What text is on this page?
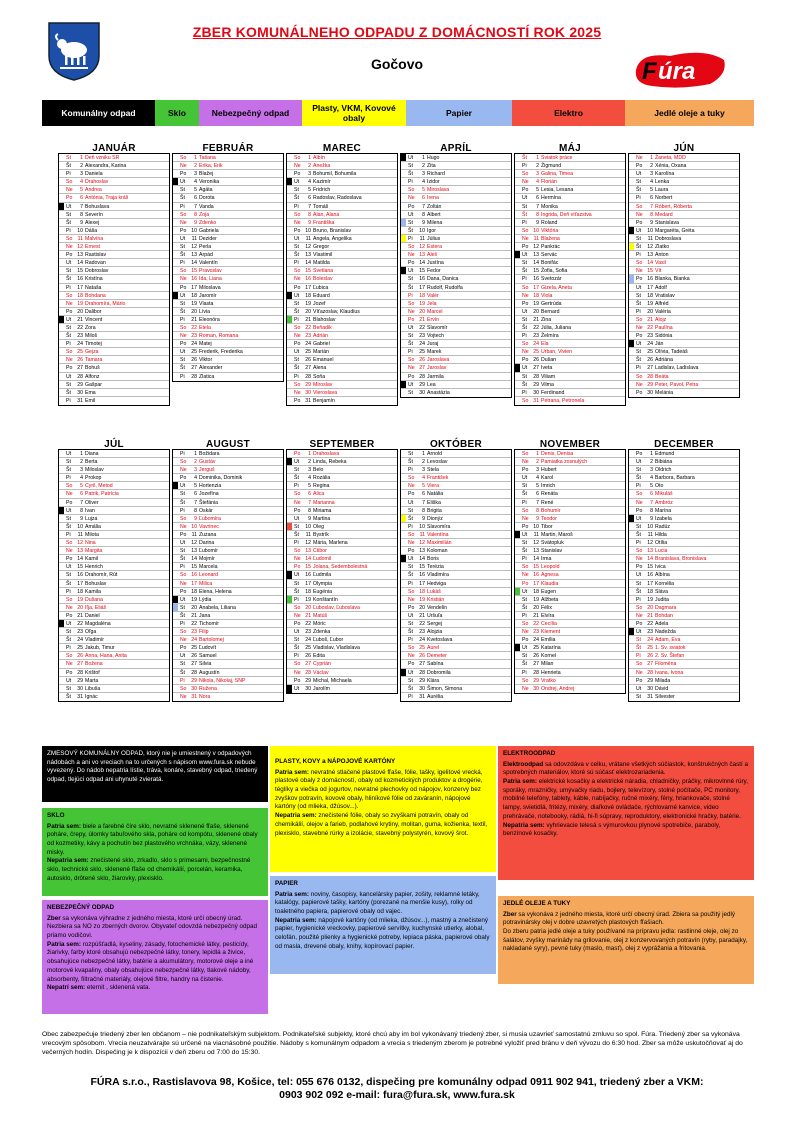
ZBER KOMUNÁLNEHO ODPADU Z DOMÁCNOSTÍ ROK 2025
Gočovo	F úra
Komunálny odpad	Sklo	Nebezpečný odpad
Plasty, VKM, Kovové obaly
Papier	Elektro	Jedlé oleje a tuky
JANUÁR
St	1 Deň vzniku SR
Št	2 Alexandra, Karina
Pi	3 Daniela
So	4 Drahoslav
Ne	5 Andrea
Po	6 Antónia, Traja králi
Ut	7 Bohuslava
St	8 Severín
Št	9 Alexej
Pi	10 Dáša
So	11 Malvína
Ne 12 Ernest
Po 13 Rastislav
Ut	14 Radovan
St	15 Dobroslav
Št	16 Kristína
Pi	17 Nataša
So 18 Bohdana
Ne 19 Drahomíra, Mário
Po 20 Dalibor
Ut	21 Vincent
St	22 Zora
Št	23 Miloš
Pi	24 Timotej
So 25 Gejza
Ne 26 Tamara
Po 27 Bohuš
Ut	28 Alfonz
St	29 Gašpar
Št	30 Ema
Pi	31 Emil
FEBRUÁR
So	1 Tatiana
Ne	2 Erika, Erik
Po	3 Blažej
Ut	4 Veronika
St	5 Agáta
Št	6 Dorota
Pi	7 Vanda
So	8 Zoja
Ne	9 Zdenko
Po 10 Gabriela
Ut	11 Dezider
St	12 Perla
Št	13 Arpád
Pi	14 Valentín
So 15 Pravoslav
Ne 16 Ida, Liana
Po 17 Miloslava
Ut	18 Jaromír
St	19 Vlasta
Št	20 Lívia
Pi	21 Eleonóra
So 22 Etela
Ne 23 Roman, Romana
Po 24 Matej
Ut	25 Frederik, Frederika
St	26 Viktor
Št	27 Alexander
Pi	28 Zlatica
MAREC
So	1 Albín
Ne	2 Anežka
Po	3 Bohumil, Bohumila
Ut	4 Kazimír
St	5 Fridrich
Št	6 Radoslav, Radoslava
Pi	7 Tomáš
So	8 Alan, Alana
Ne	9 Františka
Po 10 Bruno, Branislav
Ut	11 Angela, Angelika
St	12 Gregor
Št	13 Vlastimil
Pi	14 Matilda
So 15 Svetlana
Ne 16 Boleslav
Po 17 Ľubica
Ut	18 Eduard
St	19 Jozef
Št	20 Víťazoslav, Klaudius
Pi	21 Blahoslav
So 22 Beňadik
Ne 23 Adrián
Po 24 Gabriel
Ut	25 Marián
St	26 Emanuel
Št	27 Alena
Pi	28 Soňa
So 29 Miroslav
Ne 30 Vieroslava
Po 31 Benjamín
APRÍL
Ut	1 Hugo
St	2 Zita
Št	3 Richard
Pi	4 Izidor
So	5 Miroslava
Ne	6 Irena
Po	7 Zoltán
Ut	8 Albert
St	9 Milena
Št	10 Igor
Pi	11 Július
So 12 Estera
Ne 13 Aleš
Po 14 Justína
Ut	15 Fedor
St	16 Dana, Danica
Št	17 Rudolf, Rudolfa
Pi	18 Valér
So 19 Jela
Ne 20 Marcel
Po 21 Ervín
Ut	22 Slavomír
St	23 Vojtech
Št	24 Juraj
Pi	25 Marek
So 26 Jaroslava
Ne 27 Jaroslav
Po 28 Jarmila
Ut	29 Lea
St	30 Anastázia
MÁJ
Št	1 Sviatok práce
Pi	2 Žigmund
So	3 Galina, Timea
Ne	4 Florián
Po	5 Lesia, Lesana
Ut	6 Hermína
St	7 Monika
Št	8 Ingrida, Deň víťazstva
Pi	9 Roland
So 10 Viktória
Ne 11 Blažena
Po 12 Pankrác
Ut	13 Servác
St	14 Bonifác
Št	15 Žofia, Sofia
Pi	16 Svetozár
So 17 Gizela, Aneta
Ne 18 Viola
Po 19 Gertrúda
Ut	20 Bernard
St	21 Zina
Št	22 Júlia, Juliana
Pi	23 Želmíra
So 24 Ela
Ne 25 Urban, Vivien
Po 26 Dušan
Ut	27 Iveta
St	28 Viliam
Št	29 Vilma
Pi	30 Ferdinand
So 31 Petrana, Petronela
JÚN
Ne	1 Žaneta, MDD
Po	2 Xénia, Oxana
Ut	3 Karolína
St	4 Lenka
Št	5 Laura
Pi	6 Norbert
So	7 Róbert, Róberta
Ne	8 Medard
Po	9 Stanislava
Ut	10 Margaréta, Gréta
St	11 Dobroslava
Št	12 Zlatko
Pi	13 Anton
So 14 Vasil
Ne 15 Vít
Po 16 Blanka, Bianka
Ut	17 Adolf
St	18 Vratislav
Št	19 Alfréd
Pi	20 Valéria
So 21 Alojz
Ne 22 Paulína
Po 23 Sidónia
Ut	24 Ján
St	25 Olívia, Tadeáš
Št	26 Adriána
Pi	27 Ladislav, Ladislava
So 28 Beáta
Ne 29 Peter, Pavol, Petra
Po 30 Melánia
JÚL
Ut	1 Diana
St	2 Berta
Št	3 Miloslav
Pi	4 Prokop
So	5 Cyril, Metod
Ne	6 Patrik, Patrícia
Po	7 Oliver
Ut	8 Ivan
St	9 Lujza
Št	10 Amália
Pi	11 Milota
So 12 Nina
Ne 13 Margita
Po 14 Kamil
Ut	15 Henrich
St	16 Drahomír, Rút
Št	17 Bohuslav
Pi	18 Kamila
So 19 Dušana
Ne 20 Iľja, Eliáš
Po 21 Daniel
Ut	22 Magdaléna
St	23 Oľga
Št	24 Vladimír
Pi	25 Jakub, Timur
So 26 Anna, Hana, Anita
Ne 27 Božena
Po 28 Krištof
Ut	29 Marta
St	30 Libuša
Št	31 Ignác
AUGUST
Pi	1 Božidara
So	2 Gustáv
Ne	3 Jerguš
Po	4 Dominika, Dominik
Ut	5 Hortenzia
St	6 Jozefína
Št	7 Štefánia
Pi	8 Oskár
So	9 Ľubomíra
Ne 10 Vavrinec
Po	11 Zuzana
Ut	12 Darina
St	13 Ľubomír
Št	14 Mojmír
Pi	15 Marcela
So 16 Leonard
Ne 17 Milica
Po 18 Elena, Helena
Ut	19 Lýdia
St	20 Anabela, Liliana
Št	21 Jana
Pi	22 Tichomír
So 23 Filip
Ne 24 Bartolomej
Po 25 Ľudovít
Ut	26 Samuel
St	27 Silvia
Št	28 Augustín
Pi	29 Nikola, Nikolaj, SNP
So 30 Ružena
Ne 31 Nora
SEPTEMBER
Po	1 Drahoslava
Ut	2 Linda, Rebeka
St	3 Belo
Št	4 Rozália
Pi	5 Regina
So	6 Alica
Ne	7 Marianna
Po	8 Miriama
Ut	9 Martina
St	10 Oleg
Št	11 Bystrík
Pi	12 Mária, Marlena
So 13 Ctibor
Ne 14 Ľudomil
Po 15 Jolana, Sedembolestná
Ut	16 Ľudmila
St	17 Olympia
Št	18 Eugénia
Pi	19 Konštantín
So 20 Ľuboslav, Ľuboslava
Ne 21 Matúš
Po 22 Móric
Ut	23 Zdenka
St	24 Ľuboš, Ľubor
Št	25 Vladislav, Vladislava
Pi	26 Edita
So 27 Cyprián
Ne 28 Václav
Po 29 Michal, Michaela
Ut	30 Jarolím
OKTÓBER
St	1 Arnold
Št	2 Levoslav
Pi	3 Stela
So	4 František
Ne	5 Viera
Po	6 Natália
Ut	7 Eliška
St	8 Brigita
Št	9 Dionýz
Pi	10 Slavomíra
So	11 Valentína
Ne 12 Maximilián
Po 13 Koloman
Ut	14 Boris
St	15 Terézia
Št	16 Vladimíra
Pi	17 Hedviga
So 18 Lukáš
Ne 19 Kristián
Po 20 Vendelín
Ut	21 Uršuľa
St	22 Sergej
Št	23 Alojzia
Pi	24 Kvetoslava
So 25 Aurel
Ne 26 Demeter
Po 27 Sabína
Ut	28 Dobromila
St	29 Klára
Št	30 Šimon, Simona
Pi	31 Aurélia
NOVEMBER
So	1 Denis, Denisa
Ne	2 Pamiatka zosnulých
Po	3 Hubert
Ut	4 Karol
St	5 Imrich
Št	6 Renáta
Pi	7 René
So	8 Bohumír
Ne	9 Teodor
Po 10 Tibor
Ut	11 Martin, Maroš
St	12 Svätopluk
Št	13 Stanislav
Pi	14 Irma
So 15 Leopold
Ne 16 Agnesa
Po 17 Klaudia
Ut	18 Eugen
St	19 Alžbeta
Št	20 Félix
Pi	21 Elvíra
So 22 Cecília
Ne 23 Klement
Po 24 Emília
Ut	25 Katarína
St	26 Kornel
Št	27 Milan
Pi	28 Henrieta
So 29 Vratko
Ne 30 Ondrej, Andrej
DECEMBER
Po	1 Edmund
Ut	2 Bibiána
St	3 Oldrich
Št	4 Barbora, Barbara
Pi	5 Oto
So	6 Mikuláš
Ne	7 Ambróz
Po	8 Marína
Ut	9 Izabela
St	10 Radúz
Št	11 Hilda
Pi	12 Otília
So 13 Lucia
Ne 14 Branislava, Bronislava
Po 15 Ivica
Ut	16 Albína
St	17 Kornélia
Št	18 Sláva
Pi	19 Judita
So 20 Dagmara
Ne 21 Bohdan
Po 22 Adela
Ut	23 Nadežda
St	24 Adam, Eva
Št	25 1. Sv. sviatok
Pi	26 2. Sv. Štefan
So 27 Filoména
Ne 28 Ivana, Ivona
Po 29 Milada
Ut	30 Dávid
St	31 Silvester
ZMESOVÝ KOMUNÁLNY ODPAD, ktorý nie je umiestnený v odpadových nádobách a ani vo vreciach na to určených s nápisom www.fura.sk nebude vyvezený. Do nádob nepatria lístie, tráva, konáre, stavebný odpad, triedený odpad, tlejúci odpad ani uhynuté zvieratá.
SKLO
Patria sem: biele a farebné číre sklo, nevratné sklenené fľaše, sklenené poháre, črepy, úlomky tabuľového skla, poháre od kompótu, sklenené obaly od kozmetiky, kávy a pochutín bez plastového vrchnáka, vázy, sklenené misky.
Nepatria sem: znečistené sklo, zrkadlo, sklo s primesami, bezpečnostné sklo, technické sklo, sklenené fľaše od chemikálií, porcelán, keramika, autosklo, drôtené sklo, žiarovky, plexisklo.
NEBEZPEČNÝ ODPAD
Zber sa vykonáva výhradne z jedného miesta, ktoré určí obecný úrad. Nezbiera sa NO zo zberných dvorov. Obyvateľ odovzdá nebezpečný odpad priamo vodičovi.
Patria sem: rozpúšťadlá, kyseliny, zásady, fotochemické látky, pesticídy, žiarivky, farby ktoré obsahujú nebezpečné látky, tonery, lepidlá a živice, obsahujúce nebezpečné látky, batérie a akumulátory, motorové oleje a iné motorové kvapaliny, obaly obsahujúce nebezpečné látky, tlakové nádoby, absorbenty, filtračné materiály, olejové filtre, handry na čistenie.
Nepatrí sem: eternit , sklenená vata.
PLASTY, KOVY a NÁPOJOVÉ KARTÓNY
Patria sem: nevratné stlačené plastové fľaše, fólie, tašky, igelitové vrecká, plastové obaly z domácností, obaly od kozmetických produktov a drogérie, téglíky a viečka od jogurtov, nevratné plechovky od nápojov, konzervy bez zvyškov potravín, kovové obaly, hliníkové fólie od zaváranín, nápojové kartóny (od mlieka, džúsov...).
Nepatria sem: znečistené fólie, obaly so zvyškami potravín, obaly od chemikálií, olejov a farieb, podlahové krytiny, molitan, guma, kožienka, textil, plexisklo, stavebné rúrky a izolácie, stavebný polystyrén, kovový šrot.
PAPIER
Patria sem: noviny, časopisy, kancelársky papier, zošity, reklamné letáky, katalógy, papierové tašky, kartóny (porezané na menšie kusy), rolky od toaletného papiera, papierové obaly od vajec.
Nepatria sem: nápojové kartóny (od mlieka, džúsov...), mastný a znečistený papier, hygienické vreckovky, papierové servítky, kuchynské utierky, alobal, celofán, použité plienky a hygienické potreby, lepiaca páska, papierové obaly od masla, drevené obaly, knihy, kopírovací papier.
ELEKTROODPAD
Elektroodpad sa odovzdáva v celku, vrátane všetkých súčiastok, konštrukčných častí a spotrebných materiálov, ktoré sú súčasť elektrozariadenia.
Patria sem: elektrické kosačky a elektrické náradia, chladničky, práčky, mikrovlnné rúry, sporáky, mrazničky, umývačky riadu, bojlery, televízory, stolné počítače, PC monitory, mobilné telefóny, tablety, káble, nabíjačky, ručné mixéry, fény, hriankovače, stolné lampy, svietidlá, fritézy, mixéry, diaľkové ovládače, rýchlovarné kanvice, video prehrávače, notebooky, rádiá, hi-fi súpravy, reproduktory, elektronické hračky, batérie.
Nepatria sem: vyhrievacie telesá s výmurovkou plynové spotrebiče, paraboly, benzínové kosačky.
JEDLÉ OLEJE A TUKY
Zber sa vykonáva z jedného miesta, ktoré určí obecný úrad. Zbiera sa použitý jedlý potravinársky olej v dobre uzavretých plastových fľašiach.
Do zberu patria jedlé oleje a tuky používané na prípravu jedla: rastlinné oleje, olej zo šalátov, zvyšky marinády na grilovanie, olej z konzervovaných potravín (ryby, paradajky, nakladané syry), pevné tuky (maslo, masť), olej z vyprážania a fritovania.
Obec zabezpečuje triedený zber len občanom – nie podnikateľským subjektom. Podnikateľské subjekty, ktoré chcú aby im bol vykonávaný triedený zber, si musia uzavrieť samostatnú zmluvu so spol. Fúra. Triedený zber sa vykonáva vrecovým spôsobom. Vrecia neuzatvárajte sú určené na viacnásobné použitie. Nádoby s komunálnym odpadom a vrecia s triedeným zberom je potrebné vyložiť pred bránu v deň vývozu do 6:30 hod. Zber sa môže uskutočňovať aj do večerných hodín. Dispečing je k dispozícii v deň zberu od 7:00 do 15:30.
FÚRA s.r.o., Rastislavova 98, Košice, tel: 055 676 0132, dispečing pre komunálny odpad 0911 902 941, triedený zber a VKM:
0903 902 092 e-mail: fura@fura.sk, www.fura.sk
